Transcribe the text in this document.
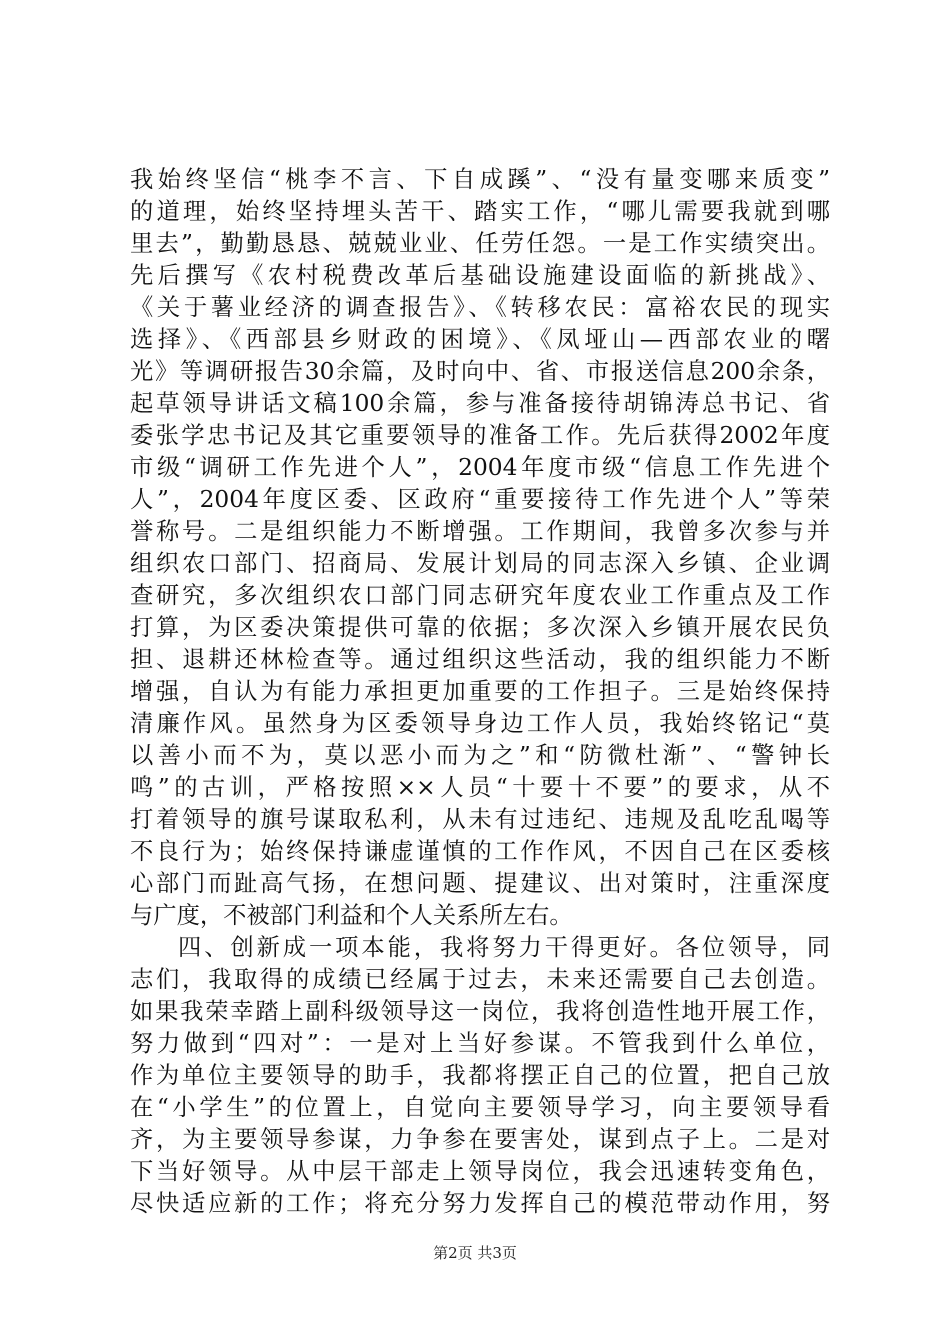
我始终坚信“桃李不言、下自成蹊”、“没有量变哪来质变”
的道理，始终坚持埋头苦干、踏实工作，“哪儿需要我就到哪
里去”，勤勤恳恳、兢兢业业、任劳任怨。一是工作实绩突出。
先后撰写《农村税费改革后基础设施建设面临的新挑战》、
《关于薯业经济的调查报告》、《转移农民：富裕农民的现实
选择》、《西部县乡财政的困境》、《凤垭山—西部农业的曙
光》等调研报告30余篇，及时向中、省、市报送信息200余条，
起草领导讲话文稿100余篇，参与准备接待胡锦涛总书记、省
委张学忠书记及其它重要领导的准备工作。先后获得2002年度
市级“调研工作先进个人”，2004年度市级“信息工作先进个
人”，2004年度区委、区政府“重要接待工作先进个人”等荣
誉称号。二是组织能力不断增强。工作期间，我曾多次参与并
组织农口部门、招商局、发展计划局的同志深入乡镇、企业调
查研究，多次组织农口部门同志研究年度农业工作重点及工作
打算，为区委决策提供可靠的依据；多次深入乡镇开展农民负
担、退耕还林检查等。通过组织这些活动，我的组织能力不断
增强，自认为有能力承担更加重要的工作担子。三是始终保持
清廉作风。虽然身为区委领导身边工作人员，我始终铭记“莫
以善小而不为，莫以恶小而为之”和“防微杜渐”、“警钟长
鸣”的古训，严格按照××人员“十要十不要”的要求，从不
打着领导的旗号谋取私利，从未有过违纪、违规及乱吃乱喝等
不良行为；始终保持谦虚谨慎的工作作风，不因自己在区委核
心部门而趾高气扬，在想问题、提建议、出对策时，注重深度
与广度，不被部门利益和个人关系所左右。
四、创新成一项本能，我将努力干得更好。各位领导，同
志们，我取得的成绩已经属于过去，未来还需要自己去创造。
如果我荣幸踏上副科级领导这一岗位，我将创造性地开展工作，
努力做到“四对”：一是对上当好参谋。不管我到什么单位，
作为单位主要领导的助手，我都将摆正自己的位置，把自己放
在“小学生”的位置上，自觉向主要领导学习，向主要领导看
齐，为主要领导参谋，力争参在要害处，谋到点子上。二是对
下当好领导。从中层干部走上领导岗位，我会迅速转变角色，
尽快适应新的工作；将充分努力发挥自己的模范带动作用，努
第2页 共3页
